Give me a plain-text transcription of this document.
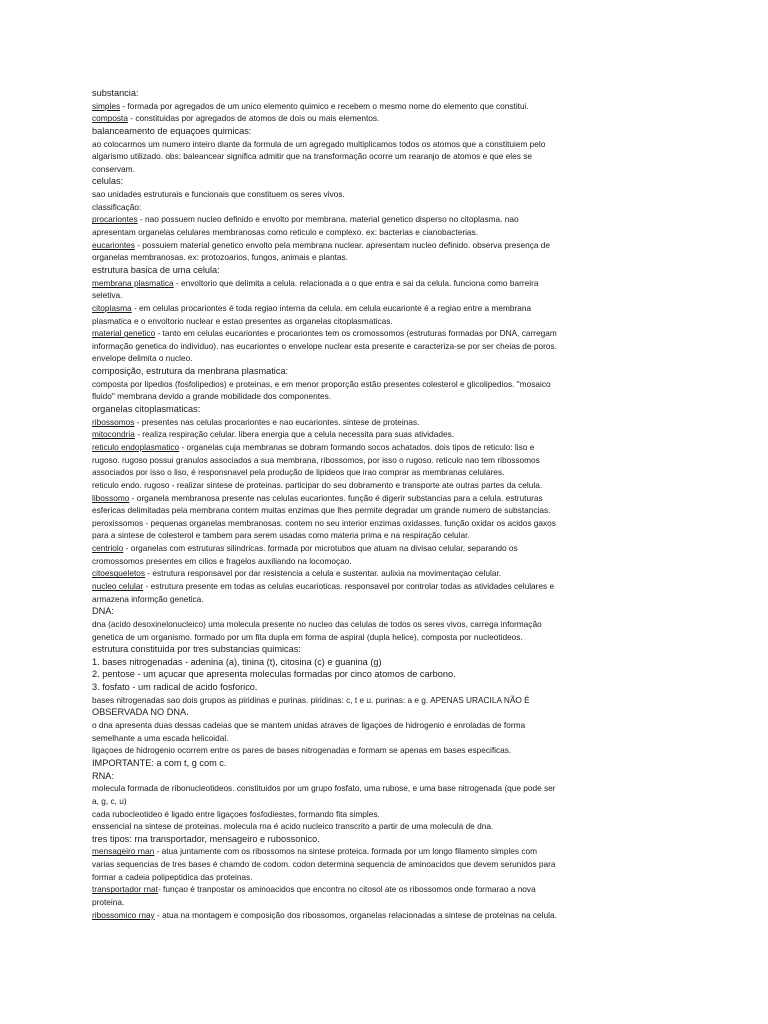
substancia:
simples - formada por agregados de um unico elemento quimico e recebem o mesmo nome do elemento que constitui.
composta - constituidas por agregados de atomos de dois ou mais elementos.
balanceamento de equaçoes quimicas:
ao colocarmos um numero inteiro diante da formula de um agregado multiplicamos todos os atomos que a constituiem pelo
algarismo utilizado. obs: baleancear significa admitir que na transformação ocorre um rearanjo de atomos e que eles se
conservam.
celulas:
sao unidades estruturais e funcionais que constituem os seres vivos.
classificação:
procariontes - nao possuem nucleo definido e envolto por membrana. material genetico disperso no citoplasma. nao
apresentam organelas celulares membranosas como reticulo e complexo. ex: bacterias e cianobacterias.
eucariontes - possuiem material genetico envolto pela membrana nuclear. apresentam nucleo definido. observa presença de
organelas membranosas. ex: protozoarios, fungos, animais e plantas.
estrutura basica de uma celula:
membrana plasmatica - envoltorio que delimita a celula. relacionada a o que entra e sai da celula. funciona como barreira
seletiva.
citoplasma - em celulas procariontes é toda regiao interna da celula. em celula eucarionte é a regiao entre a membrana
plasmatica e o envoltorio nuclear e estao presentes as organelas citoplasmaticas.
material genetico - tanto em celulas eucariontes e procariontes tem os cromossomos (estruturas formadas por DNA, carregam
informação genetica do individuo). nas eucariontes o envelope nuclear esta presente e caracteriza-se por ser cheias de poros.
envelope delimita o nucleo.
composição, estrutura da menbrana plasmatica:
composta por lipedios (fosfolipedios) e proteinas, e em menor proporção estão presentes colesterol e glicolipedios. "mosaico
fluido" membrana devido a grande mobilidade dos componentes.
organelas citoplasmaticas:
ribossomos - presentes nas celulas procariontes e nao eucariontes. sintese de proteinas.
mitocondria - realiza respiração celular. libera energia que a celula necessita para suas atividades.
reticulo endoplasmatico - organelas cuja membranas se dobram formando socos achatados. dois tipos de reticulo: liso e
rugoso. rugoso possui granulos associados a sua membrana, ribossomos, por isso o rugoso. reticulo nao tem ribossomos
associados por isso o liso, é responsnavel pela produção de lipideos que irao comprar as membranas celulares.
reticulo endo. rugoso - realizar sintese de proteinas. participar do seu dobramento e transporte ate outras partes da celula.
libossomo - organela membranosa presente nas celulas eucariontes. função é digerir substancias para a celula. estruturas
esfericas delimitadas pela membrana contem muitas enzimas que lhes permite degradar um grande numero de substancias.
peroxissomos - pequenas organelas membranosas. contem no seu interior enzimas oxidasses. função oxidar os acidos gaxos
para a sintese de colesterol e tambem para serem usadas como materia prima e na respiração celular.
centriolo - organelas com estruturas silindricas. formada por microtubos que atuam na divisao celular, separando os
cromossomos presentes em cilios e fragelos auxiliando na locomoçao.
citoesqueletos - estrutura responsavel por dar resistencia a celula e sustentar. aulixia na movimentaçao celular.
nucleo celular - estrutura presente em todas as celulas eucarioticas. responsavel por controlar todas as atividades celulares e
armazena informção genetica.
DNA:
dna (acido desoxinelonucleico) uma molecula presente no nucleo das celulas de todos os seres vivos, carrega informação
genetica de um organismo. formado por um fita dupla em forma de aspiral (dupla helice), composta por nucleotideos.
estrutura constituida por tres substancias quimicas:
1. bases nitrogenadas - adenina (a), tinina (t), citosina (c) e guanina (g)
2. pentose - um açucar que apresenta moleculas formadas por cinco atomos de carbono.
3. fosfato - um radical de acido fosforico.
bases nitrogenadas sao dois grupos as piridinas e purinas. piridinas: c, t e u. purinas: a e g. APENAS URACILA NÃO É
OBSERVADA NO DNA.
o dna apresenta duas dessas cadeias que se mantem unidas atraves de ligaçoes de hidrogenio e enroladas de forma
semelhante a uma escada helicoidal.
ligaçoes de hidrogenio ocorrem entre os pares de bases nitrogenadas e formam se apenas em bases especificas.
IMPORTANTE: a com t, g com c.
RNA:
molecula formada de ribonucleotideos. constituidos por um grupo fosfato, uma rubose, e uma base nitrogenada (que pode ser
a, g, c, u)
cada rubocleotideo é ligado entre ligaçoes fosfodiestes, formando fita simples.
enssencial na sintese de proteinas. molecula rna é acido nucleico transcrito a partir de uma molecula de dna.
tres tipos: rna transportador, mensageiro e rubossonico.
mensageiro rnan - atua juntamente com os ribossomos na sintese proteica. formada por um longo filamento simples com
varias sequencias de tres bases é chamdo de codom. codon determina sequencia de aminoacidos que devem serunidos para
formar a cadeia polipeptidica das proteinas.
transportador rnat- funçao é tranpostar os aminoacidos que encontra no citosol ate os ribossomos onde formarao a nova
proteina.
ribossomico rnay - atua na montagem e composição dos ribossomos, organelas relacionadas a sintese de proteinas na celula.
